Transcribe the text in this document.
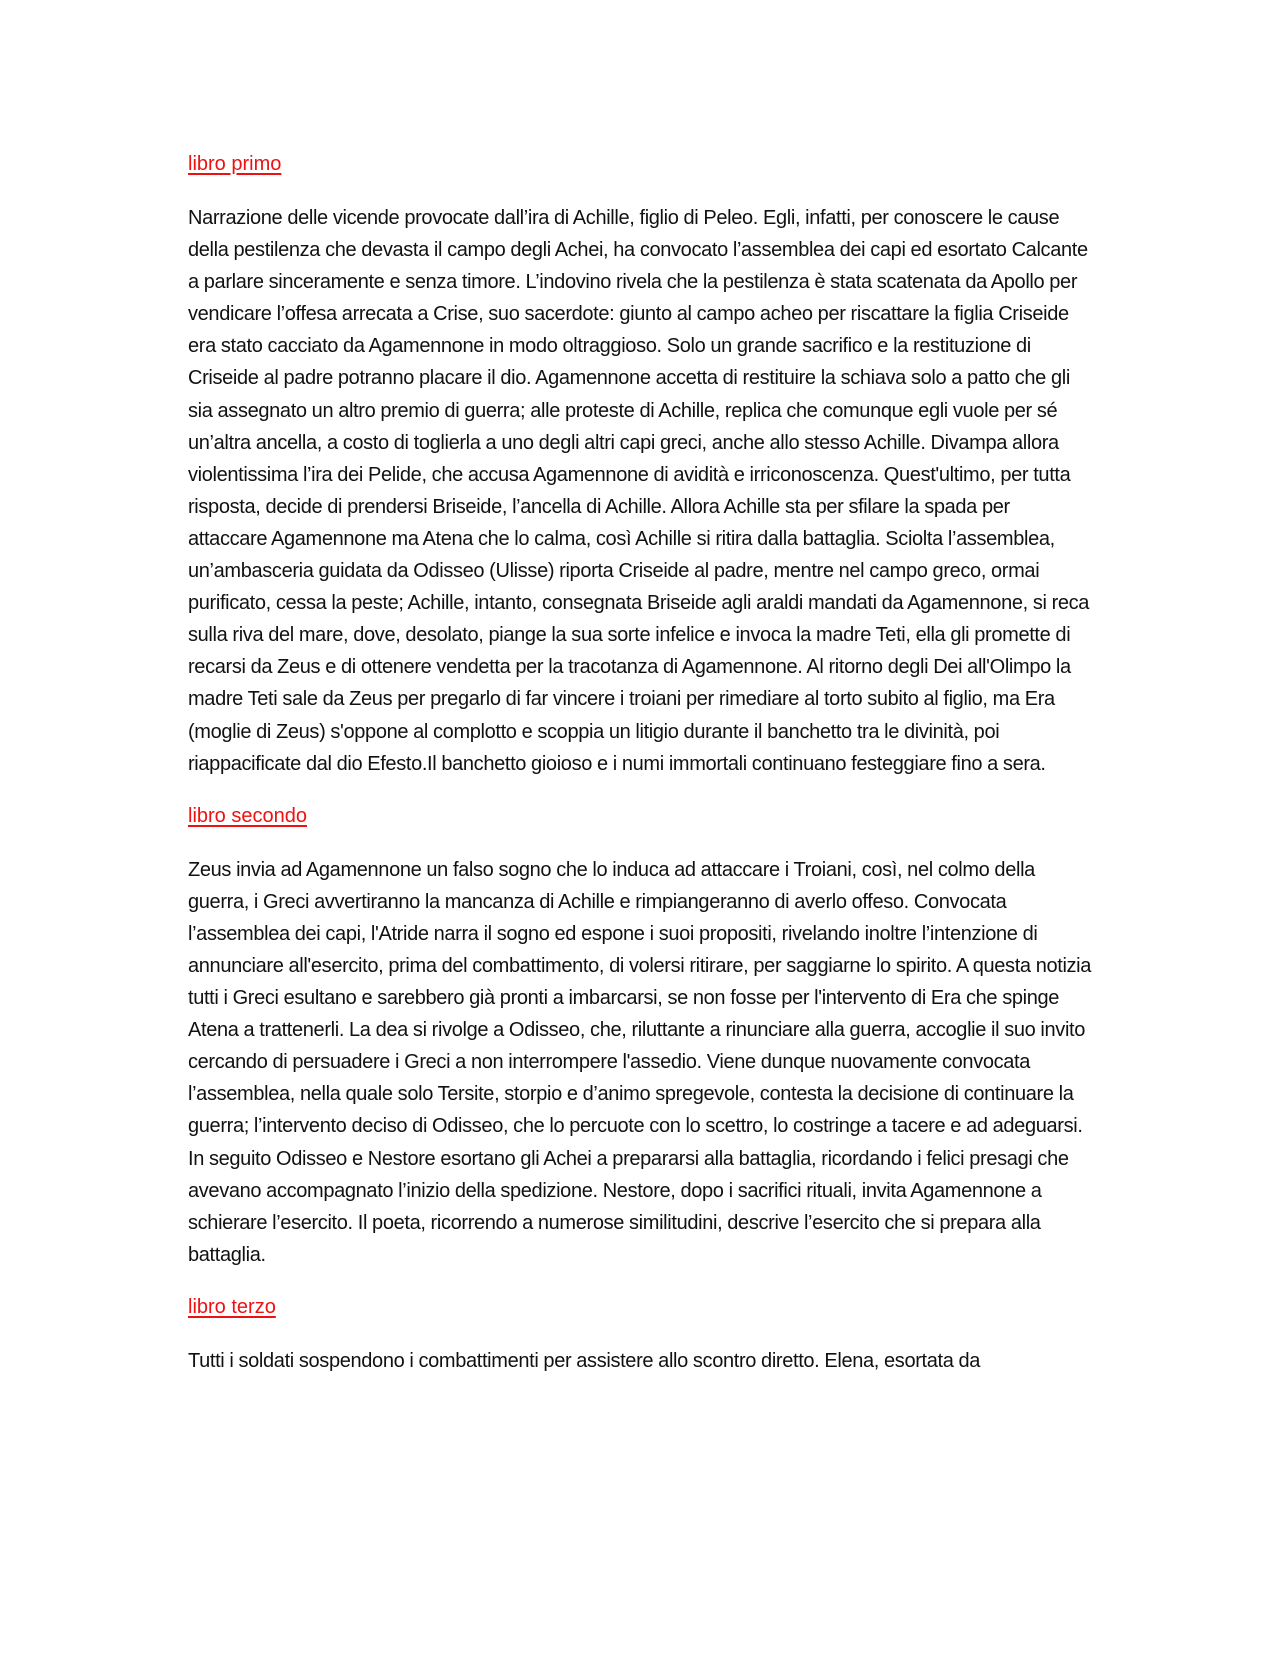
libro primo

Narrazione delle vicende provocate dall’ira di Achille, figlio di Peleo. Egli, infatti, per conoscere le cause della pestilenza che devasta il campo degli Achei, ha convocato l’assemblea dei capi ed esortato Calcante a parlare sinceramente e senza timore. L’indovino rivela che la pestilenza è stata scatenata da Apollo per vendicare l’offesa arrecata a Crise, suo sacerdote: giunto al campo acheo per riscattare la figlia Criseide era stato cacciato da Agamennone in modo oltraggioso. Solo un grande sacrifico e la restituzione di Criseide al padre potranno placare il dio. Agamennone accetta di restituire la schiava solo a patto che gli sia assegnato un altro premio di guerra; alle proteste di Achille, replica che comunque egli vuole per sé un’altra ancella, a costo di toglierla a uno degli altri capi greci, anche allo stesso Achille. Divampa allora violentissima l’ira dei Pelide, che accusa Agamennone di avidità e irriconoscenza. Quest'ultimo, per tutta risposta, decide di prendersi Briseide, l’ancella di Achille. Allora Achille sta per sfilare la spada per attaccare Agamennone ma Atena che lo calma, così Achille si ritira dalla battaglia. Sciolta l’assemblea, un’ambasceria guidata da Odisseo (Ulisse) riporta Criseide al padre, mentre nel campo greco, ormai purificato, cessa la peste; Achille, intanto, consegnata Briseide agli araldi mandati da Agamennone, si reca sulla riva del mare, dove, desolato, piange la sua sorte infelice e invoca la madre Teti, ella gli promette di recarsi da Zeus e di ottenere vendetta per la tracotanza di Agamennone. Al ritorno degli Dei all'Olimpo la madre Teti sale da Zeus per pregarlo di far vincere i troiani per rimediare al torto subito al figlio, ma Era (moglie di Zeus) s'oppone al complotto e scoppia un litigio durante il banchetto tra le divinità, poi riappacificate dal dio Efesto.Il banchetto gioioso e i numi immortali continuano festeggiare fino a sera.

libro secondo

Zeus invia ad Agamennone un falso sogno che lo induca ad attaccare i Troiani, così, nel colmo della guerra, i Greci avvertiranno la mancanza di Achille e rimpiangeranno di averlo offeso. Convocata l’assemblea dei capi, l'Atride narra il sogno ed espone i suoi propositi, rivelando inoltre l’intenzione di annunciare all'esercito, prima del combattimento, di volersi ritirare, per saggiarne lo spirito. A questa notizia tutti i Greci esultano e sarebbero già pronti a imbarcarsi, se non fosse per l'intervento di Era che spinge Atena a trattenerli. La dea si rivolge a Odisseo, che, riluttante a rinunciare alla guerra, accoglie il suo invito cercando di persuadere i Greci a non interrompere l'assedio. Viene dunque nuovamente convocata l’assemblea, nella quale solo Tersite, storpio e d’animo spregevole, contesta la decisione di continuare la guerra; l’intervento deciso di Odisseo, che lo percuote con lo scettro, lo costringe a tacere e ad adeguarsi. In seguito Odisseo e Nestore esortano gli Achei a prepararsi alla battaglia, ricordando i felici presagi che avevano accompagnato l’inizio della spedizione. Nestore, dopo i sacrifici rituali, invita Agamennone a schierare l’esercito. Il poeta, ricorrendo a numerose similitudini, descrive l’esercito che si prepara alla battaglia.

libro terzo

Tutti i soldati sospendono i combattimenti per assistere allo scontro diretto. Elena, esortata da
